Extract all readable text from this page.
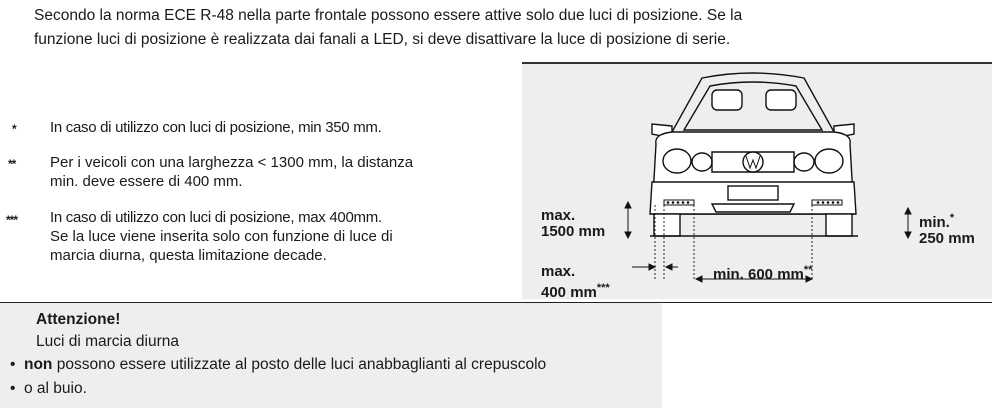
Secondo la norma ECE R-48 nella parte frontale possono essere attive solo due luci di posizione. Se la
funzione luci di posizione è realizzata dai fanali a LED, si deve disattivare la luce di posizione di serie.
* In caso di utilizzo con luci di posizione, min 350 mm.
** Per i veicoli con una larghezza < 1300 mm, la distanza
min. deve essere di 400 mm.
*** In caso di utilizzo con luci di posizione, max 400mm.
Se la luce viene inserita solo con funzione di luce di
marcia diurna, questa limitazione decade.
max.
1500 mm
min.*
250 mm
max.
400 mm***
min. 600 mm**
Attenzione!
Luci di marcia diurna
• non possono essere utilizzate al posto delle luci anabbaglianti al crepuscolo
• o al buio.
